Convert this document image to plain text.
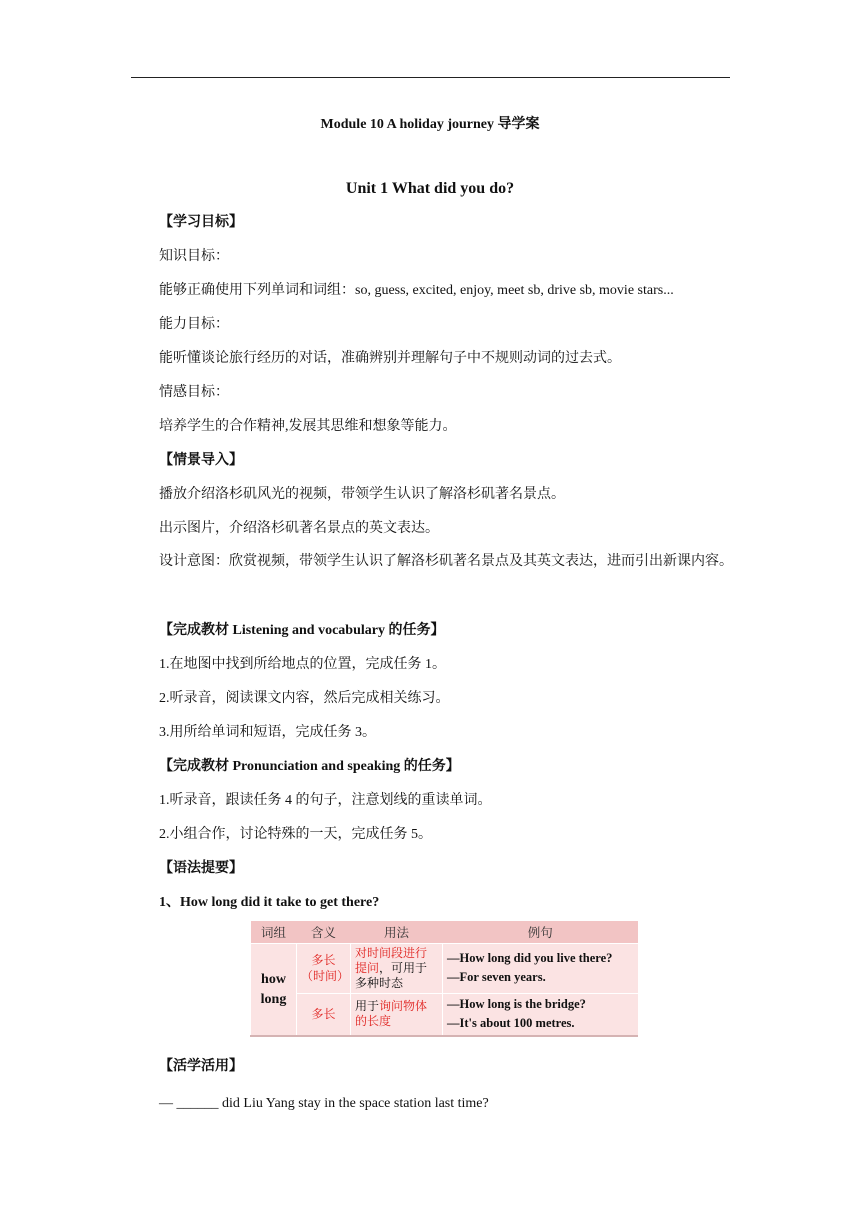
Module 10 A holiday journey 导学案
Unit 1 What did you do?
【学习目标】
知识目标：
能够正确使用下列单词和词组：so, guess, excited, enjoy, meet sb, drive sb, movie stars...
能力目标：
能听懂谈论旅行经历的对话，准确辨别并理解句子中不规则动词的过去式。
情感目标：
培养学生的合作精神,发展其思维和想象等能力。
【情景导入】
播放介绍洛杉矶风光的视频，带领学生认识了解洛杉矶著名景点。
出示图片，介绍洛杉矶著名景点的英文表达。
设计意图：欣赏视频，带领学生认识了解洛杉矶著名景点及其英文表达，进而引出新课内容。
【完成教材 Listening and vocabulary 的任务】
1.在地图中找到所给地点的位置，完成任务 1。
2.听录音，阅读课文内容，然后完成相关练习。
3.用所给单词和短语，完成任务 3。
【完成教材 Pronunciation and speaking 的任务】
1.听录音，跟读任务 4 的句子，注意划线的重读单词。
2.小组合作，讨论特殊的一天，完成任务 5。
【语法提要】
1、How long did it take to get there?
词组	含义	用法	例句
how long	多长（时间）	对时间段进行提问，可用于多种时态	—How long did you live there?
—For seven years.

	多长	用于询问物体的长度	—How long is the bridge?
—It's about 100 metres.
【活学活用】
— ______ did Liu Yang stay in the space station last time?
